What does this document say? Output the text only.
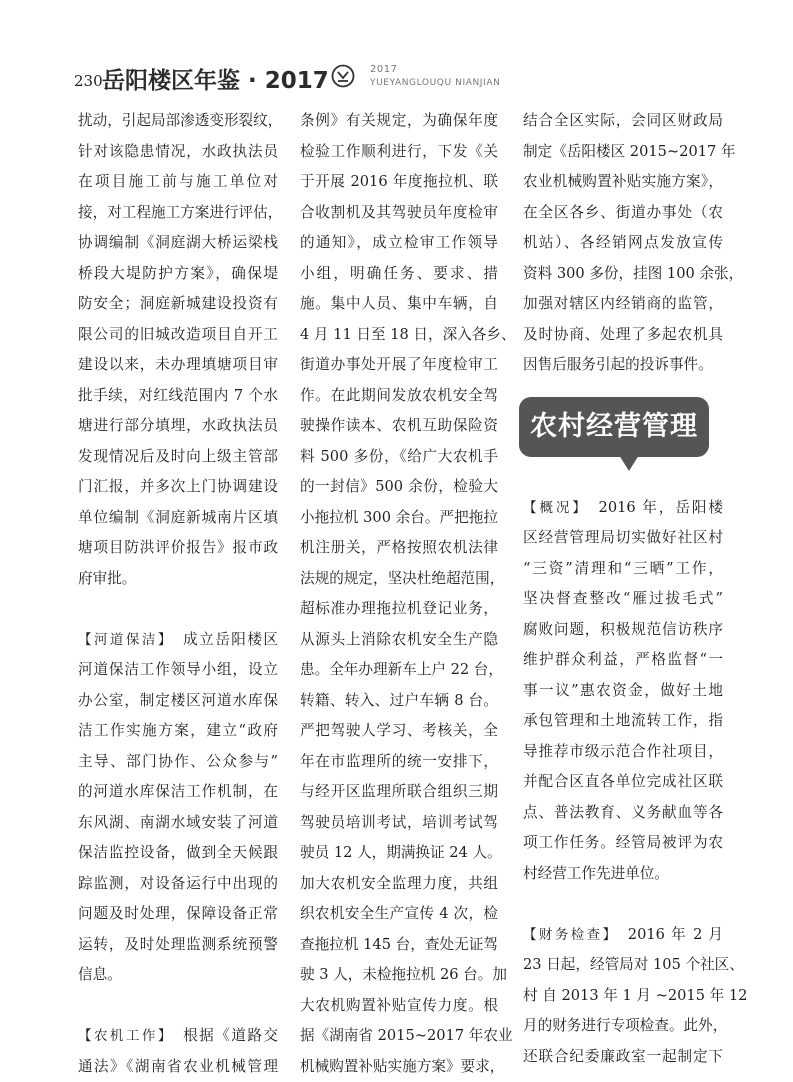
230 岳阳楼区年鉴 · 2017	2017
YUEYANGLOUQU NIANJIAN
扰动，引起局部渗透变形裂纹，
针对该隐患情况，水政执法员
在项目施工前与施工单位对
接，对工程施工方案进行评估，
协调编制《洞庭湖大桥运梁栈
桥段大堤防护方案》，确保堤
防安全；洞庭新城建设投资有
限公司的旧城改造项目自开工
建设以来，未办理填塘项目审
批手续，对红线范围内 7 个水
塘进行部分填埋，水政执法员
发现情况后及时向上级主管部
门汇报，并多次上门协调建设
单位编制《洞庭新城南片区填
塘项目防洪评价报告》报市政
府审批。
【河道保洁】　成立岳阳楼区
河道保洁工作领导小组，设立
办公室，制定楼区河道水库保
洁工作实施方案，建立“政府
主导、部门协作、公众参与”
的河道水库保洁工作机制，在
东风湖、南湖水域安装了河道
保洁监控设备，做到全天候跟
踪监测，对设备运行中出现的
问题及时处理，保障设备正常
运转，及时处理监测系统预警
信息。
【农机工作】　根据《道路交
通法》《湖南省农业机械管理
条例》有关规定，为确保年度
检验工作顺利进行，下发《关
于开展 2016 年度拖拉机、联
合收割机及其驾驶员年度检审
的通知》，成立检审工作领导
小组，明确任务、要求、措
施。集中人员、集中车辆，自
4 月 11 日至 18 日，深入各乡、
街道办事处开展了年度检审工
作。在此期间发放农机安全驾
驶操作读本、农机互助保险资
料 500 多份，《给广大农机手
的一封信》500 余份，检验大
小拖拉机 300 余台。严把拖拉
机注册关，严格按照农机法律
法规的规定，坚决杜绝超范围，
超标准办理拖拉机登记业务，
从源头上消除农机安全生产隐
患。全年办理新车上户 22 台，
转籍、转入、过户车辆 8 台。
严把驾驶人学习、考核关，全
年在市监理所的统一安排下，
与经开区监理所联合组织三期
驾驶员培训考试，培训考试驾
驶员 12 人，期满换证 24 人。
加大农机安全监理力度，共组
织农机安全生产宣传 4 次，检
查拖拉机 145 台，查处无证驾
驶 3 人，未检拖拉机 26 台。加
大农机购置补贴宣传力度。根
据《湖南省 2015~2017 年农业
机械购置补贴实施方案》要求，
结合全区实际，会同区财政局
制定《岳阳楼区 2015~2017 年
农业机械购置补贴实施方案》，
在全区各乡、街道办事处（农
机站）、各经销网点发放宣传
资料 300 多份，挂图 100 余张，
加强对辖区内经销商的监管，
及时协商、处理了多起农机具
因售后服务引起的投诉事件。
农村经营管理
【概况】　2016 年，岳阳楼
区经营管理局切实做好社区村
“三资”清理和“三晒”工作，
坚决督查整改“雁过拔毛式”
腐败问题，积极规范信访秩序
维护群众利益，严格监督“一
事一议”惠农资金，做好土地
承包管理和土地流转工作，指
导推荐市级示范合作社项目，
并配合区直各单位完成社区联
点、普法教育、义务献血等各
项工作任务。经管局被评为农
村经营工作先进单位。
【财务检查】　2016 年 2 月
23 日起，经管局对 105 个社区、
村 自 2013 年 1 月 ~2015 年 12
月的财务进行专项检查。此外，
还联合纪委廉政室一起制定下
